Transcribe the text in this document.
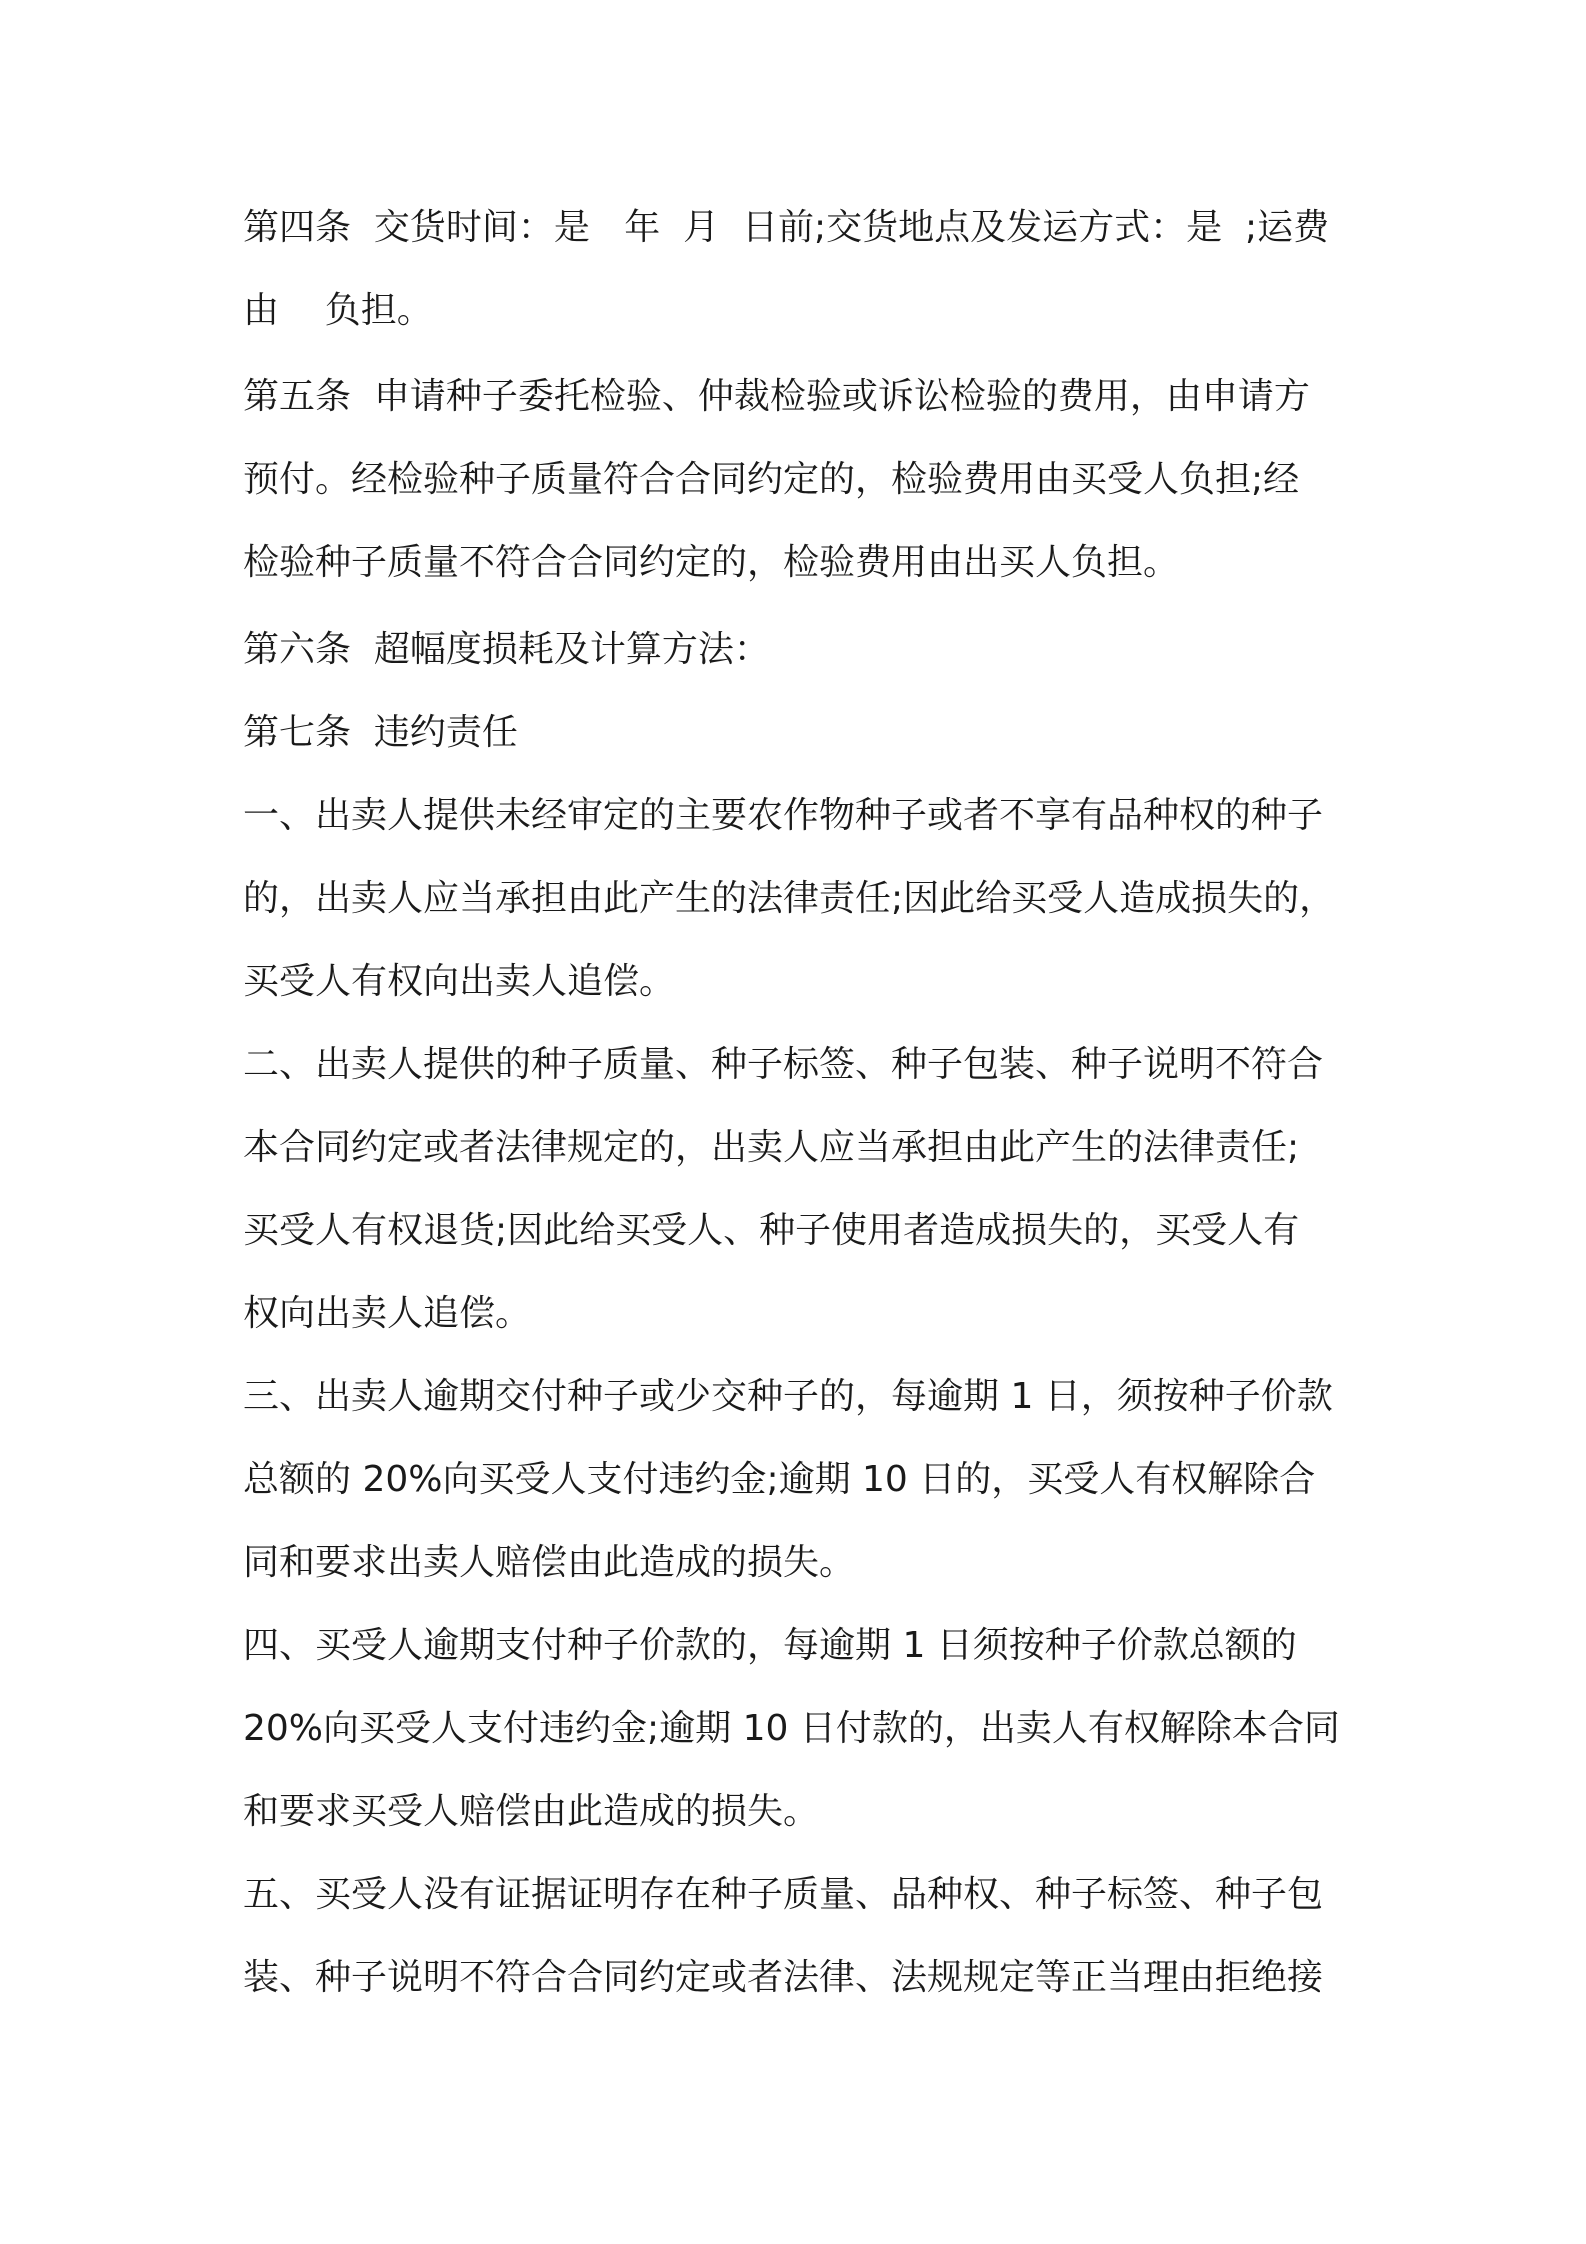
第四条  交货时间：是   年  月  日前;交货地点及发运方式：是  ;运费
由    负担。
第五条  申请种子委托检验、仲裁检验或诉讼检验的费用，由申请方
预付。经检验种子质量符合合同约定的，检验费用由买受人负担;经
检验种子质量不符合合同约定的，检验费用由出买人负担。
第六条  超幅度损耗及计算方法：
第七条  违约责任
一、出卖人提供未经审定的主要农作物种子或者不享有品种权的种子
的，出卖人应当承担由此产生的法律责任;因此给买受人造成损失的，
买受人有权向出卖人追偿。
二、出卖人提供的种子质量、种子标签、种子包装、种子说明不符合
本合同约定或者法律规定的，出卖人应当承担由此产生的法律责任;
买受人有权退货;因此给买受人、种子使用者造成损失的，买受人有
权向出卖人追偿。
三、出卖人逾期交付种子或少交种子的，每逾期 1 日，须按种子价款
总额的 20%向买受人支付违约金;逾期 10 日的，买受人有权解除合
同和要求出卖人赔偿由此造成的损失。
四、买受人逾期支付种子价款的，每逾期 1 日须按种子价款总额的
20%向买受人支付违约金;逾期 10 日付款的，出卖人有权解除本合同
和要求买受人赔偿由此造成的损失。
五、买受人没有证据证明存在种子质量、品种权、种子标签、种子包
装、种子说明不符合合同约定或者法律、法规规定等正当理由拒绝接
